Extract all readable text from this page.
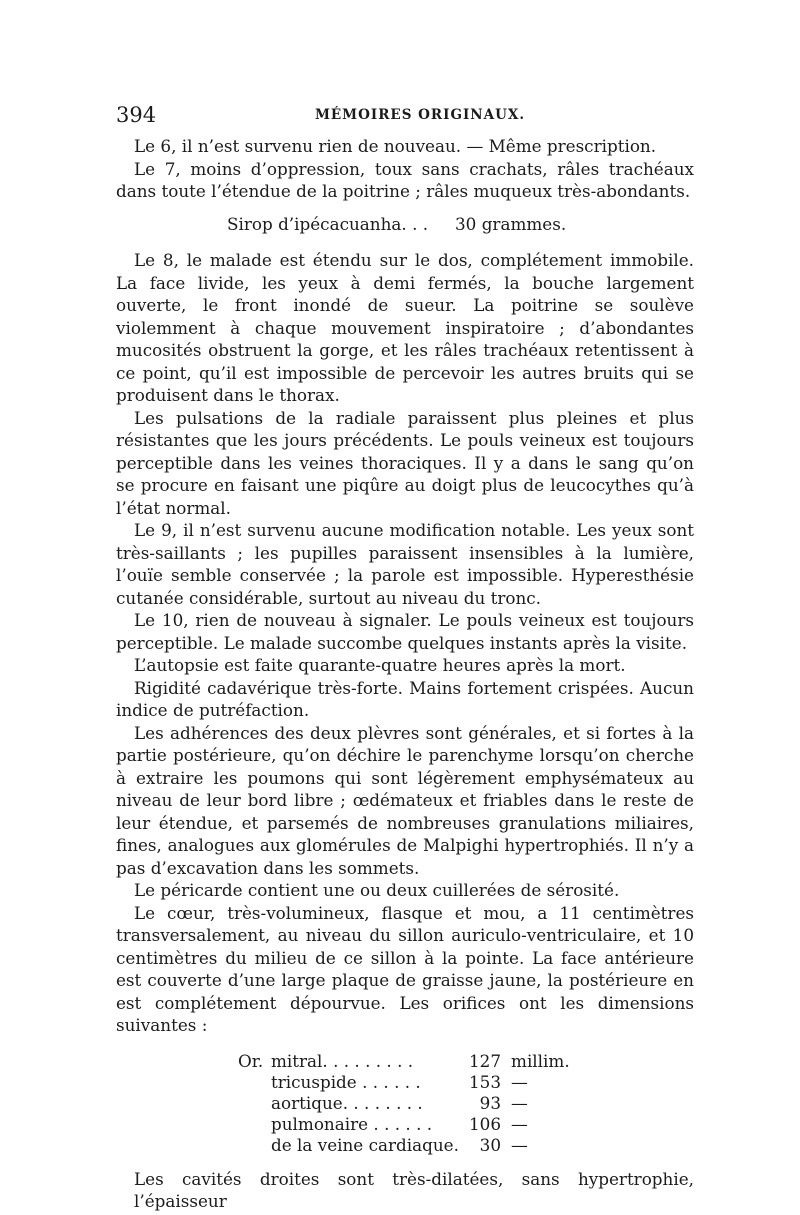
394	MÉMOIRES ORIGINAUX.

Le 6, il n’est survenu rien de nouveau. — Même prescription.

Le 7, moins d’oppression, toux sans crachats, râles trachéaux dans toute l’étendue de la poitrine ; râles muqueux très-abondants.

Sirop d’ipécacuanha. . . 30 grammes.

Le 8, le malade est étendu sur le dos, complétement immobile. La face livide, les yeux à demi fermés, la bouche largement ouverte, le front inondé de sueur. La poitrine se soulève violemment à chaque mouvement inspiratoire ; d’abondantes mucosités obstruent la gorge, et les râles trachéaux retentissent à ce point, qu’il est impossible de percevoir les autres bruits qui se produisent dans le thorax.

Les pulsations de la radiale paraissent plus pleines et plus résistantes que les jours précédents. Le pouls veineux est toujours perceptible dans les veines thoraciques. Il y a dans le sang qu’on se procure en faisant une piqûre au doigt plus de leucocythes qu’à l’état normal.

Le 9, il n’est survenu aucune modification notable. Les yeux sont très-saillants ; les pupilles paraissent insensibles à la lumière, l’ouïe semble conservée ; la parole est impossible. Hyperesthésie cutanée considérable, surtout au niveau du tronc.

Le 10, rien de nouveau à signaler. Le pouls veineux est toujours perceptible. Le malade succombe quelques instants après la visite.

L’autopsie est faite quarante-quatre heures après la mort.

Rigidité cadavérique très-forte. Mains fortement crispées. Aucun indice de putréfaction.

Les adhérences des deux plèvres sont générales, et si fortes à la partie postérieure, qu’on déchire le parenchyme lorsqu’on cherche à extraire les poumons qui sont légèrement emphysémateux au niveau de leur bord libre ; œdémateux et friables dans le reste de leur étendue, et parsemés de nombreuses granulations miliaires, fines, analogues aux glomérules de Malpighi hypertrophiés. Il n’y a pas d’excavation dans les sommets.

Le péricarde contient une ou deux cuillerées de sérosité.

Le cœur, très-volumineux, flasque et mou, a 11 centimètres transversalement, au niveau du sillon auriculo-ventriculaire, et 10 centimètres du milieu de ce sillon à la pointe. La face antérieure est couverte d’une large plaque de graisse jaune, la postérieure en est complétement dépourvue. Les orifices ont les dimensions suivantes :

Or.	mitral. . . . . . . . .	127	millim.
	tricuspide . . . . . .	153	—
	aortique. . . . . . . .	93	—
	pulmonaire . . . . . .	106	—
	de la veine cardiaque.	30	—

Les cavités droites sont très-dilatées, sans hypertrophie, l’épaisseur
